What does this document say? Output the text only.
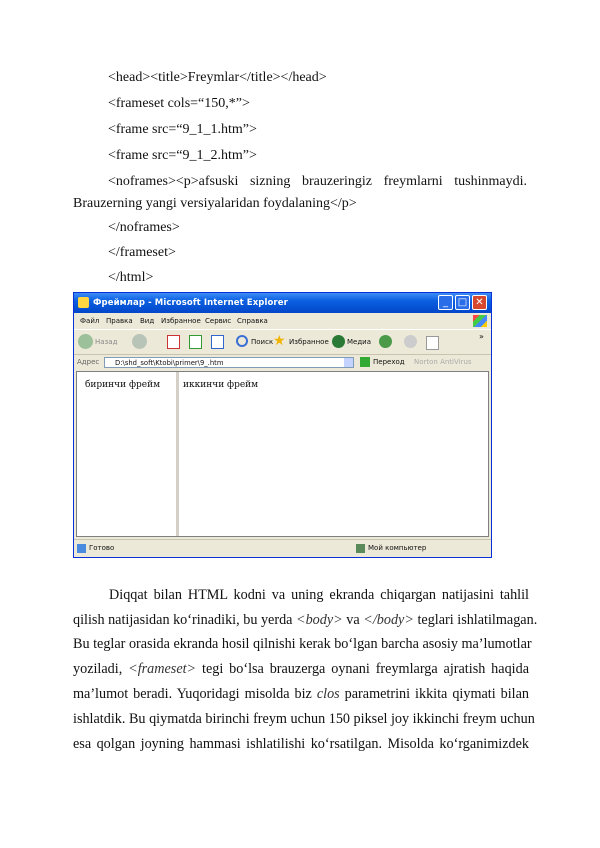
<head><title>Freymlar</title></head>
<frameset cols=“150,*”>
<frame src=“9_1_1.htm”>
<frame src=“9_1_2.htm”>
<noframes><p>afsuski sizning brauzeringiz freymlarni tushinmaydi.
Brauzerning yangi versiyalaridan foydalaning</p>
</noframes>
</frameset>
</html>
Фреймлар - Microsoft Internet Explorer	_ □ ✕
Файл Правка Вид Избранное Сервис Справка
Назад	Поиск ★ Избранное	Медиа
»
Адрес	D:\shd_soft\Ktobi\primer\9_.htm	Переход Norton AntiVirus
биринчи фрейм	иккинчи фрейм
Готово	Мой компьютер
Diqqat bilan HTML kodni va uning ekranda chiqargan natijasini tahlil
qilish natijasidan ko‘rinadiki, bu yerda <body> va </body> teglari ishlatilmagan.
Bu teglar orasida ekranda hosil qilnishi kerak bo‘lgan barcha asosiy ma’lumotlar
yoziladi, <frameset> tegi bo‘lsa brauzerga oynani freymlarga ajratish haqida
ma’lumot beradi. Yuqoridagi misolda biz clos parametrini ikkita qiymati bilan
ishlatdik. Bu qiymatda birinchi freym uchun 150 piksel joy ikkinchi freym uchun
esa qolgan joyning hammasi ishlatilishi ko‘rsatilgan. Misolda ko‘rganimizdek
